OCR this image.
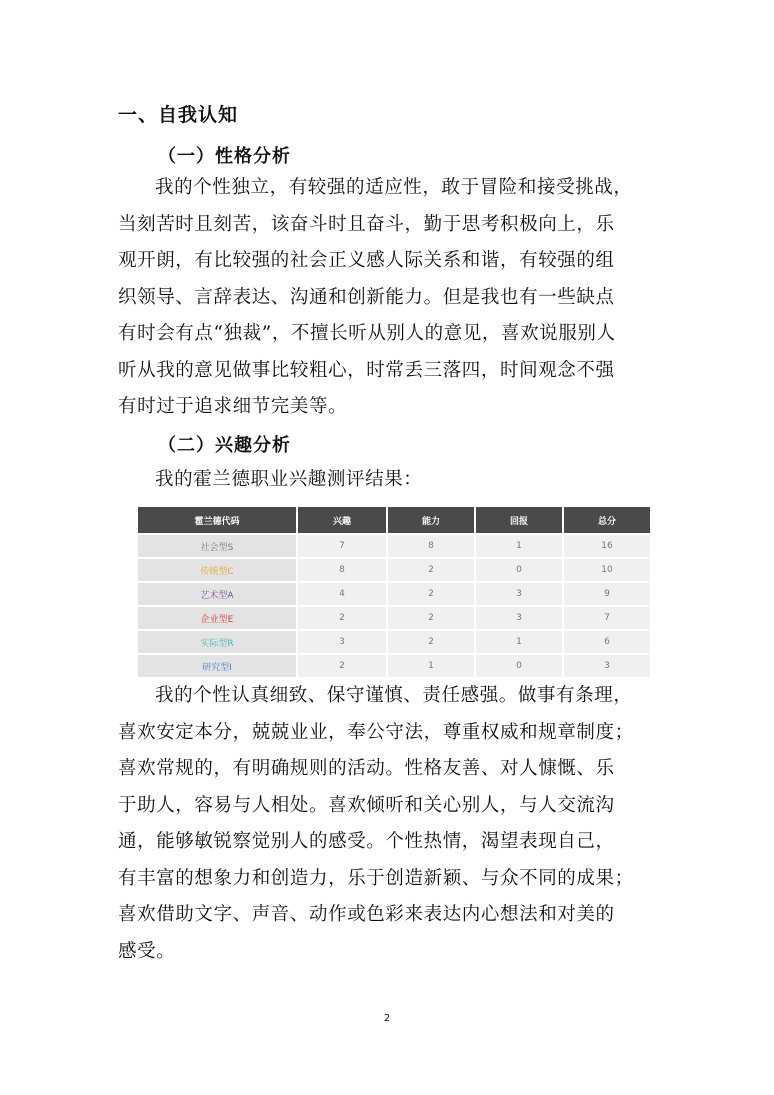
一、自我认知
（一）性格分析
我的个性独立，有较强的适应性，敢于冒险和接受挑战，
当刻苦时且刻苦，该奋斗时且奋斗，勤于思考积极向上，乐
观开朗，有比较强的社会正义感人际关系和谐，有较强的组
织领导、言辞表达、沟通和创新能力。但是我也有一些缺点
有时会有点“独裁”，不擅长听从别人的意见，喜欢说服别人
听从我的意见做事比较粗心，时常丢三落四，时间观念不强
有时过于追求细节完美等。
（二）兴趣分析
我的霍兰德职业兴趣测评结果：
霍兰德代码	兴趣	能力	回报	总分
社会型S	7	8	1	16
传统型C	8	2	0	10
艺术型A	4	2	3	9
企业型E	2	2	3	7
实际型R	3	2	1	6
研究型I	2	1	0	3
我的个性认真细致、保守谨慎、责任感强。做事有条理，
喜欢安定本分，兢兢业业，奉公守法，尊重权威和规章制度；
喜欢常规的，有明确规则的活动。性格友善、对人慷慨、乐
于助人，容易与人相处。喜欢倾听和关心别人，与人交流沟
通，能够敏锐察觉别人的感受。个性热情，渴望表现自己，
有丰富的想象力和创造力，乐于创造新颖、与众不同的成果；
喜欢借助文字、声音、动作或色彩来表达内心想法和对美的
感受。
2
